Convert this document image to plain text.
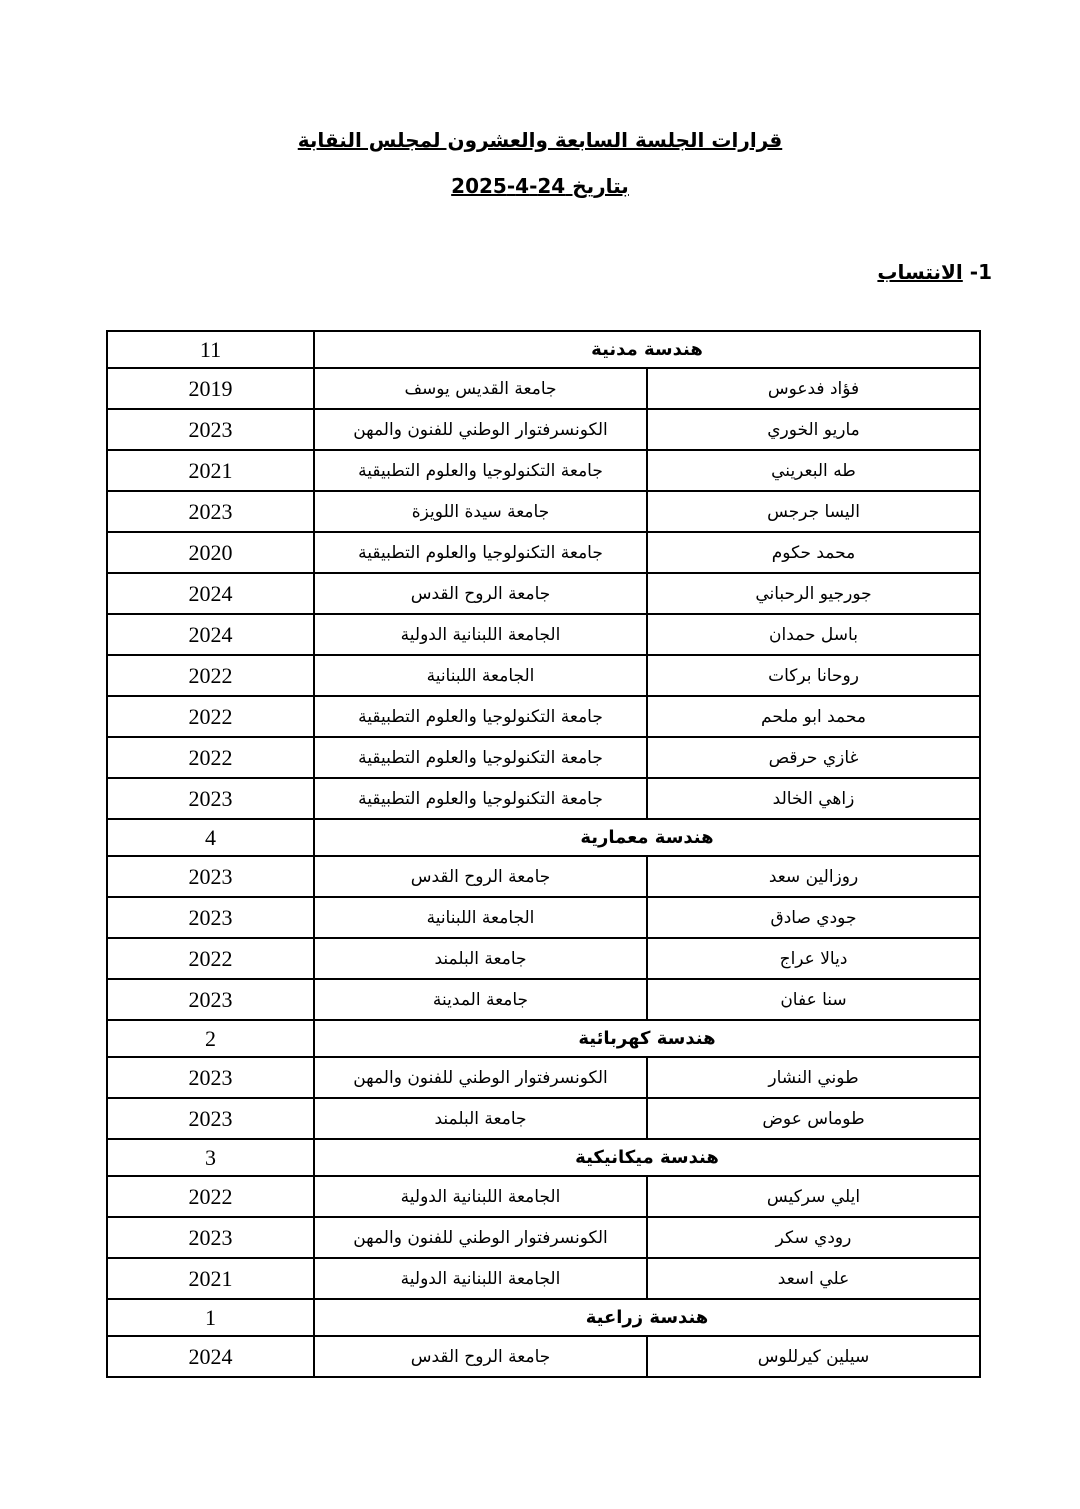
قرارات الجلسة السابعة والعشرون لمجلس النقابة
بتاريخ 24-4-2025
1- الانتساب
11	هندسة مدنية	
2019	جامعة القديس يوسف	فؤاد فدعوس
2023	الكونسرفتوار الوطني للفنون والمهن	ماريو الخوري
2021	جامعة التكنولوجيا والعلوم التطبيقية	طه البعريني
2023	جامعة سيدة اللويزة	اليسا جرجس
2020	جامعة التكنولوجيا والعلوم التطبيقية	محمد حكوم
2024	جامعة الروح القدس	جورجيو الرحباني
2024	الجامعة اللبنانية الدولية	باسل حمدان
2022	الجامعة اللبنانية	روحانا بركات
2022	جامعة التكنولوجيا والعلوم التطبيقية	محمد ابو ملحم
2022	جامعة التكنولوجيا والعلوم التطبيقية	غازي حرقص
2023	جامعة التكنولوجيا والعلوم التطبيقية	زاهي الخالد
4	هندسة معمارية	
2023	جامعة الروح القدس	روزالين سعد
2023	الجامعة اللبنانية	جودي صادق
2022	جامعة البلمند	ديالا عراج
2023	جامعة المدينة	سنا عفان
2	هندسة كهربائية	
2023	الكونسرفتوار الوطني للفنون والمهن	طوني النشار
2023	جامعة البلمند	طوماس عوض
3	هندسة ميكانيكية	
2022	الجامعة اللبنانية الدولية	ايلي سركيس
2023	الكونسرفتوار الوطني للفنون والمهن	رودي سكر
2021	الجامعة اللبنانية الدولية	علي اسعد
1	هندسة زراعية	
2024	جامعة الروح القدس	سيلين كيرللوس
